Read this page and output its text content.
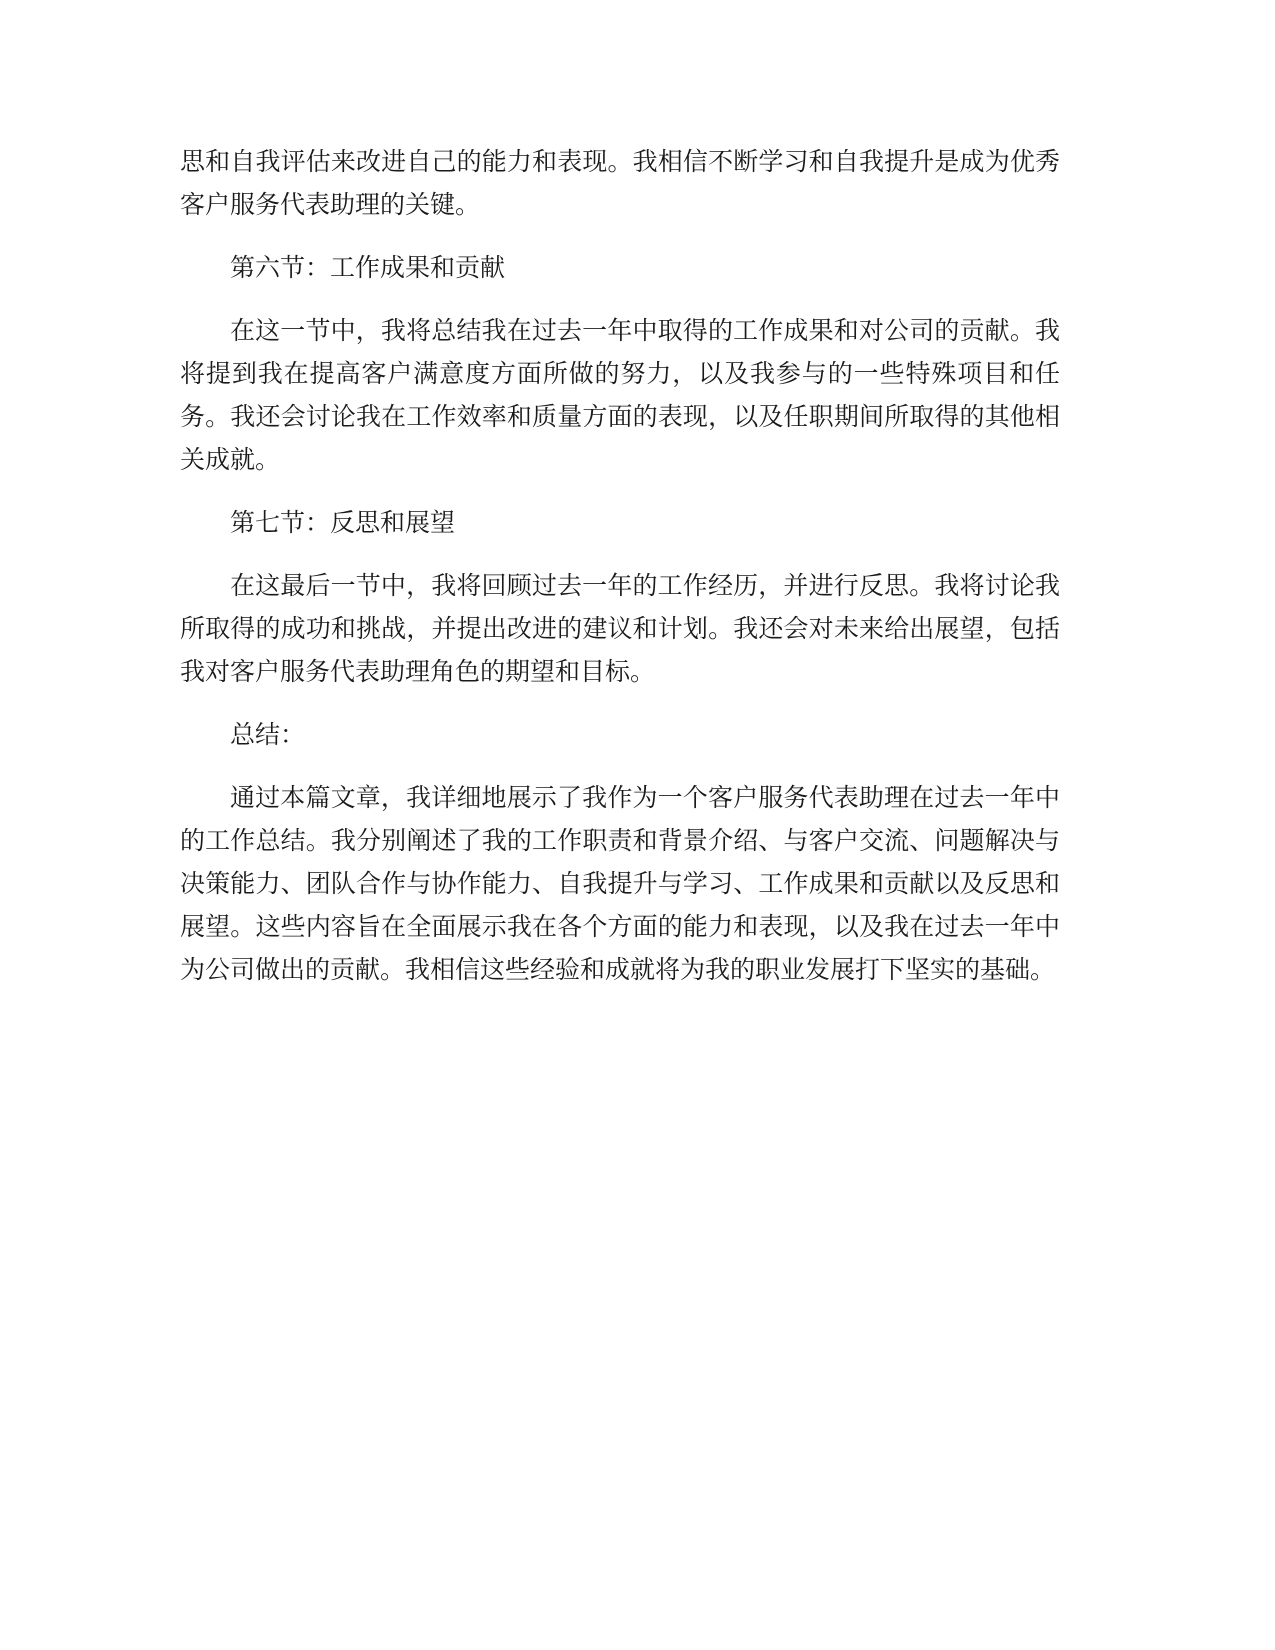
思和自我评估来改进自己的能力和表现。我相信不断学习和自我提升是成为优秀客户服务代表助理的关键。

第六节：工作成果和贡献

在这一节中，我将总结我在过去一年中取得的工作成果和对公司的贡献。我将提到我在提高客户满意度方面所做的努力，以及我参与的一些特殊项目和任务。我还会讨论我在工作效率和质量方面的表现，以及任职期间所取得的其他相关成就。

第七节：反思和展望

在这最后一节中，我将回顾过去一年的工作经历，并进行反思。我将讨论我所取得的成功和挑战，并提出改进的建议和计划。我还会对未来给出展望，包括我对客户服务代表助理角色的期望和目标。

总结：

通过本篇文章，我详细地展示了我作为一个客户服务代表助理在过去一年中的工作总结。我分别阐述了我的工作职责和背景介绍、与客户交流、问题解决与决策能力、团队合作与协作能力、自我提升与学习、工作成果和贡献以及反思和展望。这些内容旨在全面展示我在各个方面的能力和表现，以及我在过去一年中为公司做出的贡献。我相信这些经验和成就将为我的职业发展打下坚实的基础。
